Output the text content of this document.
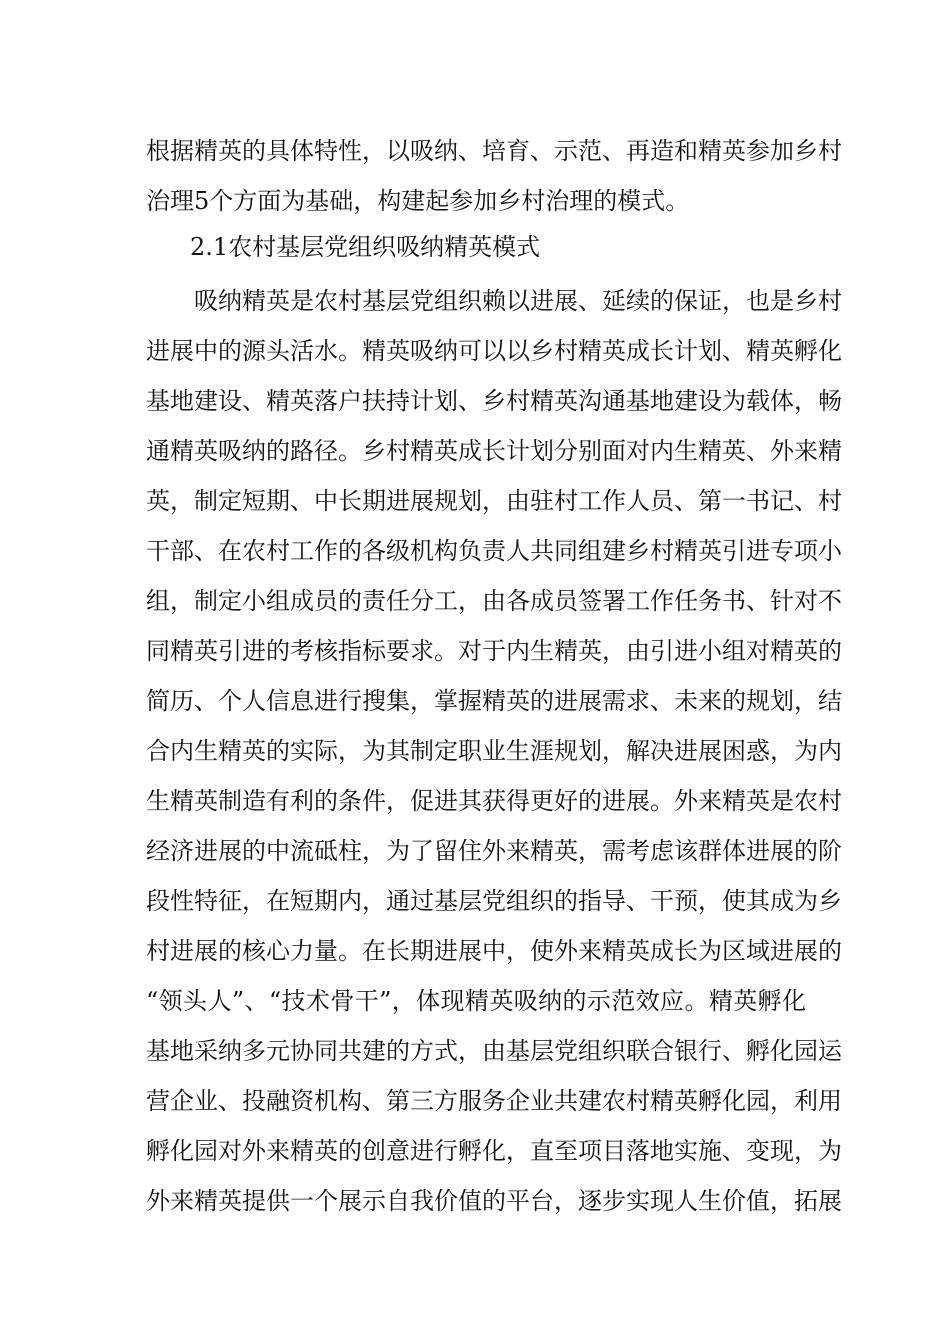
根据精英的具体特性，以吸纳、培育、示范、再造和精英参加乡村
治理5个方面为基础，构建起参加乡村治理的模式。
2.1农村基层党组织吸纳精英模式
　　吸纳精英是农村基层党组织赖以进展、延续的保证，也是乡村
进展中的源头活水。精英吸纳可以以乡村精英成长计划、精英孵化
基地建设、精英落户扶持计划、乡村精英沟通基地建设为载体，畅
通精英吸纳的路径。乡村精英成长计划分别面对内生精英、外来精
英，制定短期、中长期进展规划，由驻村工作人员、第一书记、村
干部、在农村工作的各级机构负责人共同组建乡村精英引进专项小
组，制定小组成员的责任分工，由各成员签署工作任务书、针对不
同精英引进的考核指标要求。对于内生精英，由引进小组对精英的
简历、个人信息进行搜集，掌握精英的进展需求、未来的规划，结
合内生精英的实际，为其制定职业生涯规划，解决进展困惑，为内
生精英制造有利的条件，促进其获得更好的进展。外来精英是农村
经济进展的中流砥柱，为了留住外来精英，需考虑该群体进展的阶
段性特征，在短期内，通过基层党组织的指导、干预，使其成为乡
村进展的核心力量。在长期进展中，使外来精英成长为区域进展的
“领头人”、“技术骨干”，体现精英吸纳的示范效应。精英孵化
基地采纳多元协同共建的方式，由基层党组织联合银行、孵化园运
营企业、投融资机构、第三方服务企业共建农村精英孵化园，利用
孵化园对外来精英的创意进行孵化，直至项目落地实施、变现，为
外来精英提供一个展示自我价值的平台，逐步实现人生价值，拓展
